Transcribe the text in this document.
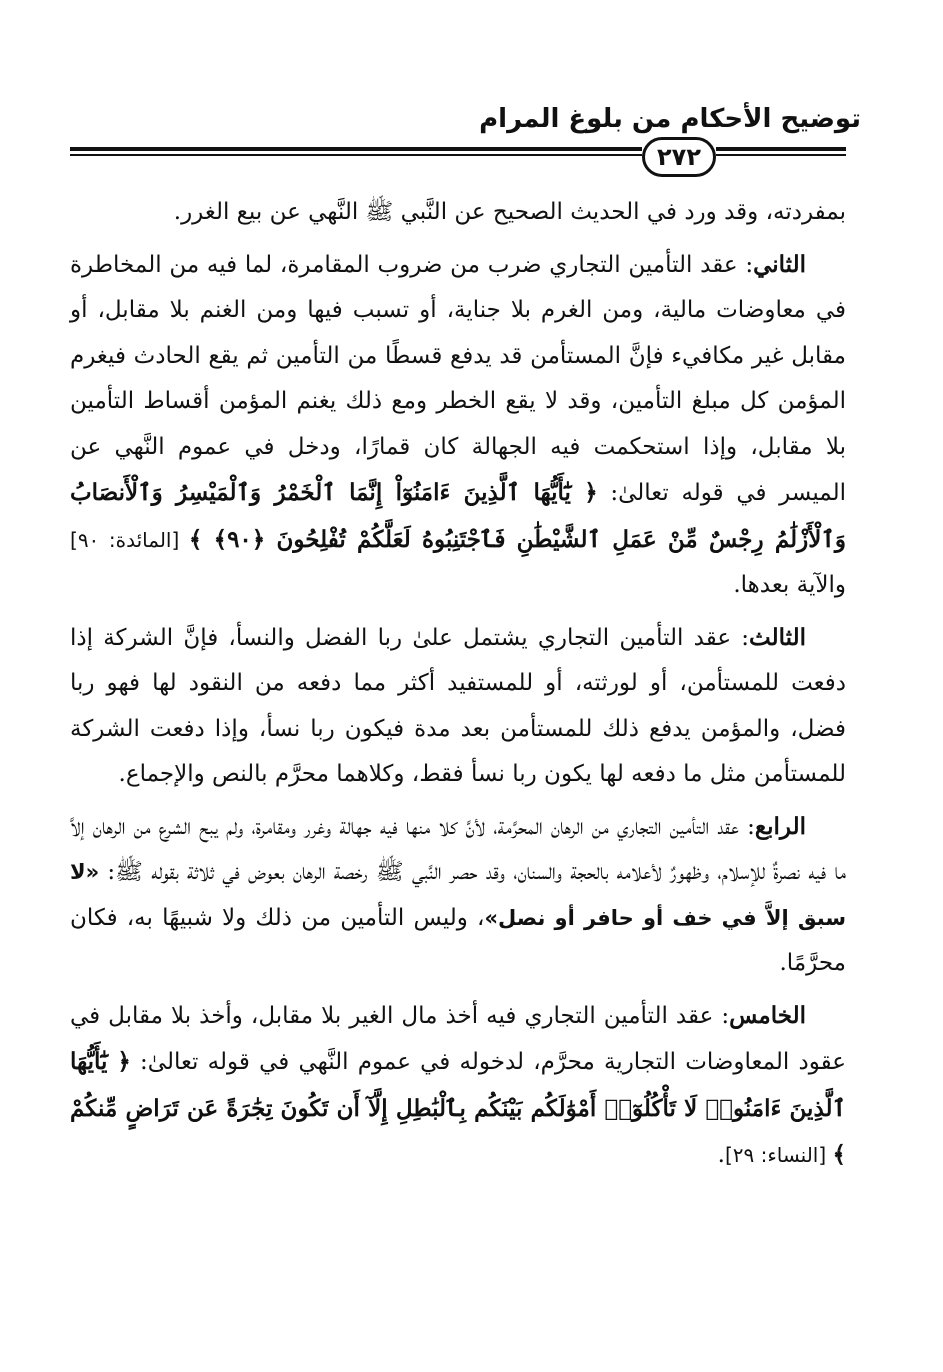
توضيح الأحكام من بلوغ المرام
٢٧٢

بمفردته، وقد ورد في الحديث الصحيح عن النَّبي ﷺ النَّهي عن بيع الغرر.

الثاني: عقد التأمين التجاري ضرب من ضروب المقامرة، لما فيه من المخاطرة في معاوضات مالية، ومن الغرم بلا جناية، أو تسبب فيها ومن الغنم بلا مقابل، أو مقابل غير مكافيء فإنَّ المستأمن قد يدفع قسطًا من التأمين ثم يقع الحادث فيغرم المؤمن كل مبلغ التأمين، وقد لا يقع الخطر ومع ذلك يغنم المؤمن أقساط التأمين بلا مقابل، وإذا استحكمت فيه الجهالة كان قمارًا، ودخل في عموم النَّهي عن الميسر في قوله تعالىٰ: ﴿ يَٰٓأَيُّهَا ٱلَّذِينَ ءَامَنُوٓاْ إِنَّمَا ٱلْخَمْرُ وَٱلْمَيْسِرُ وَٱلْأَنصَابُ وَٱلْأَزْلَٰمُ رِجْسٌ مِّنْ عَمَلِ ٱلشَّيْطَٰنِ فَٱجْتَنِبُوهُ لَعَلَّكُمْ تُفْلِحُونَ ﴿٩٠﴾ ﴾ [المائدة: ٩٠] والآية بعدها.

الثالث: عقد التأمين التجاري يشتمل علىٰ ربا الفضل والنسأ، فإنَّ الشركة إذا دفعت للمستأمن، أو لورثته، أو للمستفيد أكثر مما دفعه من النقود لها فهو ربا فضل، والمؤمن يدفع ذلك للمستأمن بعد مدة فيكون ربا نسأ، وإذا دفعت الشركة للمستأمن مثل ما دفعه لها يكون ربا نسأ فقط، وكلاهما محرَّم بالنص والإجماع.

الرابع: عقد التأمين التجاري من الرهان المحرَّمة، لأنَّ كلا منها فيه جهالة وغرر ومقامرة، ولم يبح الشرع من الرهان إلاَّ ما فيه نصرةٌ للإسلام، وظهورٌ لأعلامه بالحجة والسنان، وقد حصر النَّبي ﷺ رخصة الرهان بعوض في ثلاثة بقوله ﷺ: «لا سبق إلاَّ في خف أو حافر أو نصل»، وليس التأمين من ذلك ولا شبيهًا به، فكان محرَّمًا.

الخامس: عقد التأمين التجاري فيه أخذ مال الغير بلا مقابل، وأخذ بلا مقابل في عقود المعاوضات التجارية محرَّم، لدخوله في عموم النَّهي في قوله تعالىٰ: ﴿ يَٰٓأَيُّهَا ٱلَّذِينَ ءَامَنُوا۟ لَا تَأْكُلُوٓا۟ أَمْوَٰلَكُم بَيْنَكُم بِٱلْبَٰطِلِ إِلَّآ أَن تَكُونَ تِجَٰرَةً عَن تَرَاضٍ مِّنكُمْ ﴾ [النساء: ٢٩].
